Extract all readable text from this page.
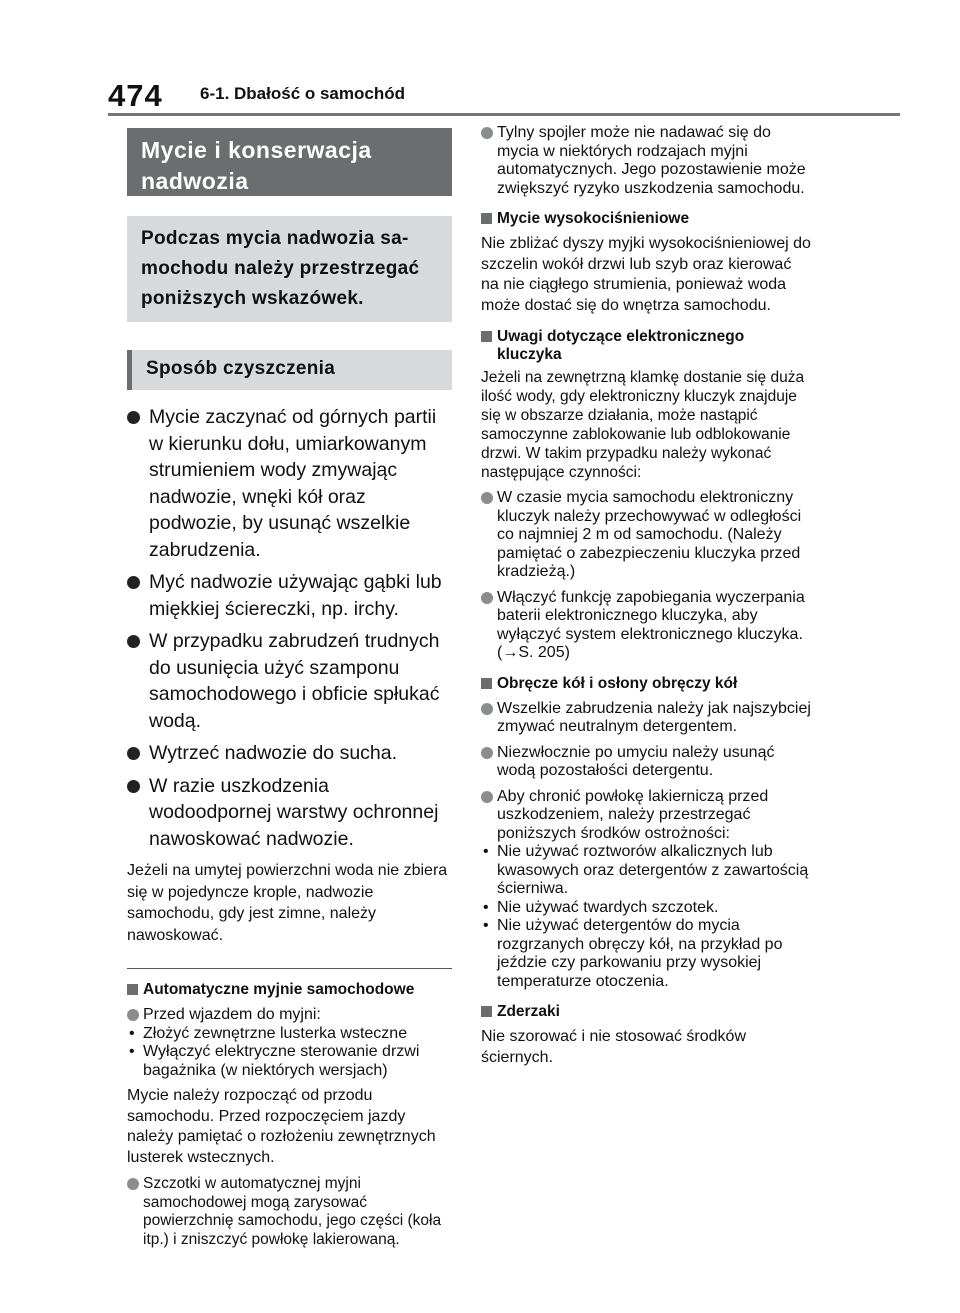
474 6-1. Dbałość o samochód
Mycie i konserwacja nadwozia
Podczas mycia nadwozia sa-
mochodu należy przestrzegać
poniższych wskazówek.
Sposób czyszczenia
Mycie zaczynać od górnych partii w kierunku dołu, umiarkowanym strumieniem wody zmywając nadwozie, wnęki kół oraz podwozie, by usunąć wszelkie zabrudzenia.
Myć nadwozie używając gąbki lub miękkiej ściereczki, np. irchy.
W przypadku zabrudzeń trudnych do usunięcia użyć szamponu samochodowego i obficie spłukać wodą.
Wytrzeć nadwozie do sucha.
W razie uszkodzenia wodoodpornej warstwy ochronnej nawoskować nadwozie.
Jeżeli na umytej powierzchni woda nie zbiera się w pojedyncze krople, nadwozie samochodu, gdy jest zimne, należy nawoskować.
Automatyczne myjnie samochodowe
Przed wjazdem do myjni:
• Złożyć zewnętrzne lusterka wsteczne
• Wyłączyć elektryczne sterowanie drzwi bagażnika (w niektórych wersjach)
Mycie należy rozpocząć od przodu samochodu. Przed rozpoczęciem jazdy należy pamiętać o rozłożeniu zewnętrznych lusterek wstecznych.
Szczotki w automatycznej myjni samochodowej mogą zarysować powierzchnię samochodu, jego części (koła itp.) i zniszczyć powłokę lakierowaną.
Tylny spojler może nie nadawać się do mycia w niektórych rodzajach myjni automatycznych. Jego pozostawienie może zwiększyć ryzyko uszkodzenia samochodu.
Mycie wysokociśnieniowe
Nie zbliżać dyszy myjki wysokociśnieniowej do szczelin wokół drzwi lub szyb oraz kierować na nie ciągłego strumienia, ponieważ woda może dostać się do wnętrza samochodu.
Uwagi dotyczące elektronicznego kluczyka
Jeżeli na zewnętrzną klamkę dostanie się duża ilość wody, gdy elektroniczny kluczyk znajduje się w obszarze działania, może nastąpić samoczynne zablokowanie lub odblokowanie drzwi. W takim przypadku należy wykonać następujące czynności:
W czasie mycia samochodu elektroniczny kluczyk należy przechowywać w odległości co najmniej 2 m od samochodu. (Należy pamiętać o zabezpieczeniu kluczyka przed kradzieżą.)
Włączyć funkcję zapobiegania wyczerpania baterii elektronicznego kluczyka, aby wyłączyć system elektronicznego kluczyka. (→S. 205)
Obręcze kół i osłony obręczy kół
Wszelkie zabrudzenia należy jak najszybciej zmywać neutralnym detergentem.
Niezwłocznie po umyciu należy usunąć wodą pozostałości detergentu.
Aby chronić powłokę lakierniczą przed uszkodzeniem, należy przestrzegać poniższych środków ostrożności:
• Nie używać roztworów alkalicznych lub kwasowych oraz detergentów z zawartością ścierniwa.
• Nie używać twardych szczotek.
• Nie używać detergentów do mycia rozgrzanych obręczy kół, na przykład po jeździe czy parkowaniu przy wysokiej temperaturze otoczenia.
Zderzaki
Nie szorować i nie stosować środków ściernych.
